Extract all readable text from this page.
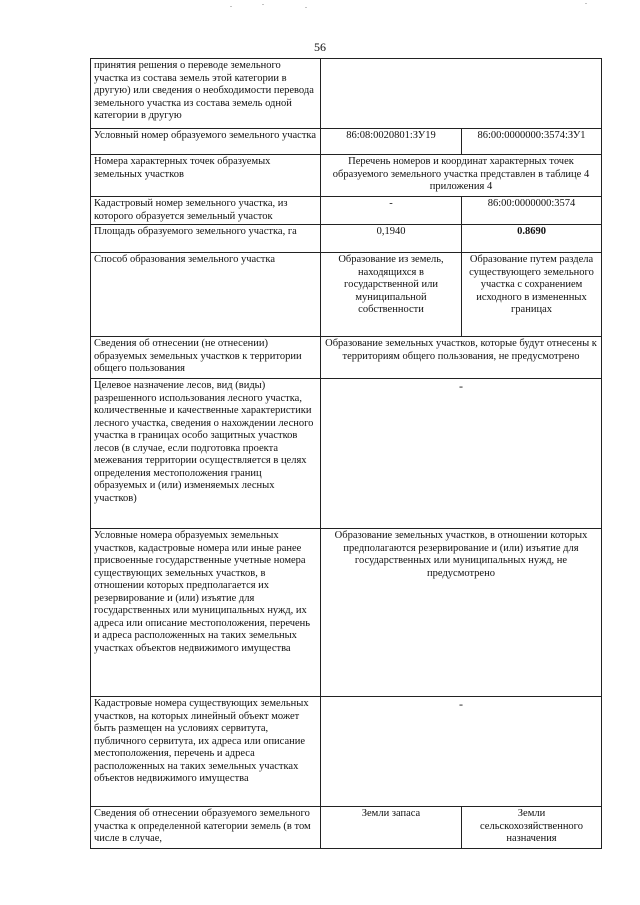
56
принятия решения о переводе земельного участка из состава земель этой категории в другую) или сведения о необходимости перевода земельного участка из состава земель одной категории в другую		
Условный номер образуемого земельного участка	86:08:0020801:ЗУ19	86:00:0000000:3574:ЗУ1
Номера характерных точек образуемых земельных участков	Перечень номеров и координат характерных точек образуемого земельного участка представлен в таблице 4 приложения 4	
Кадастровый номер земельного участка, из которого образуется земельный участок	-	86:00:0000000:3574
Площадь образуемого земельного участка, га	0,1940	0.8690
Способ образования земельного участка	Образование из земель, находящихся в государственной или муниципальной собственности	Образование путем раздела существующего земельного участка с сохранением исходного в измененных границах
Сведения об отнесении (не отнесении) образуемых земельных участков к территории общего пользования	Образование земельных участков, которые будут отнесены к территориям общего пользования, не предусмотрено	
Целевое назначение лесов, вид (виды) разрешенного использования лесного участка, количественные и качественные характеристики лесного участка, сведения о нахождении лесного участка в границах особо защитных участков лесов (в случае, если подготовка проекта межевания территории осуществляется в целях определения местоположения границ образуемых и (или) изменяемых лесных участков)	-	
Условные номера образуемых земельных участков, кадастровые номера или иные ранее присвоенные государственные учетные номера существующих земельных участков, в отношении которых предполагается их резервирование и (или) изъятие для государственных или муниципальных нужд, их адреса или описание местоположения, перечень и адреса расположенных на таких земельных участках объектов недвижимого имущества	Образование земельных участков, в отношении которых предполагаются резервирование и (или) изъятие для государственных или муниципальных нужд, не предусмотрено	
Кадастровые номера существующих земельных участков, на которых линейный объект может быть размещен на условиях сервитута, публичного сервитута, их адреса или описание местоположения, перечень и адреса расположенных на таких земельных участках объектов недвижимого имущества	-	
Сведения об отнесении образуемого земельного участка к определенной категории земель (в том числе в случае,	Земли запаса	Земли сельскохозяйственного назначения
